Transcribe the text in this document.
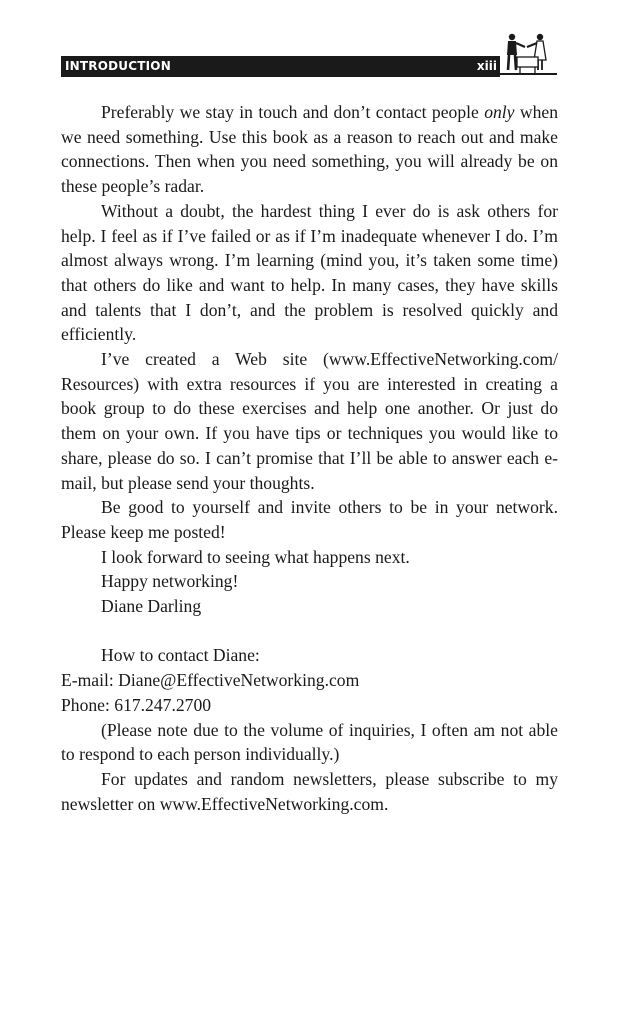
INTRODUCTION	xiii

Preferably we stay in touch and don’t contact people only when we need something. Use this book as a reason to reach out and make connections. Then when you need something, you will already be on these people’s radar.

Without a doubt, the hardest thing I ever do is ask others for help. I feel as if I’ve failed or as if I’m inadequate whenever I do. I’m almost always wrong. I’m learning (mind you, it’s taken some time) that others do like and want to help. In many cases, they have skills and talents that I don’t, and the problem is resolved quickly and efficiently.

I’ve created a Web site (www.EffectiveNetworking.com/ Resources) with extra resources if you are interested in creating a book group to do these exercises and help one another. Or just do them on your own. If you have tips or techniques you would like to share, please do so. I can’t promise that I’ll be able to answer each e-mail, but please send your thoughts.

Be good to yourself and invite others to be in your network. Please keep me posted!

I look forward to seeing what happens next.
Happy networking!
Diane Darling
How to contact Diane:
E-mail: Diane@EffectiveNetworking.com
Phone: 617.247.2700

(Please note due to the volume of inquiries, I often am not able to respond to each person individually.)

For updates and random newsletters, please subscribe to my newsletter on www.EffectiveNetworking.com.
